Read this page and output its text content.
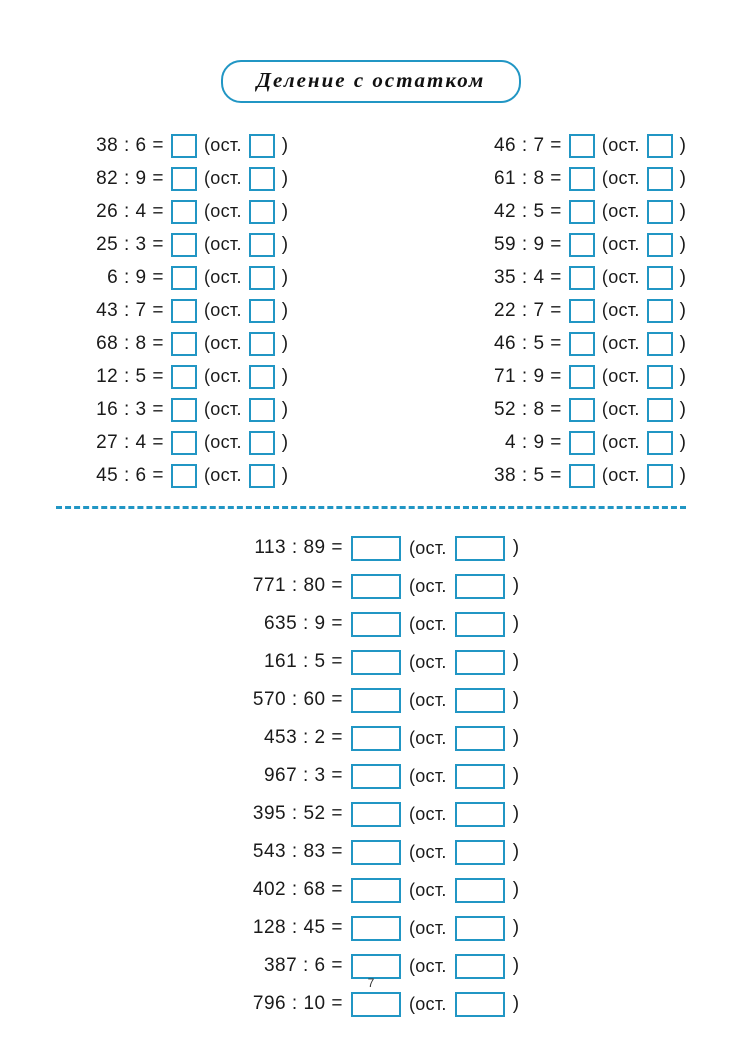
Деление с остатком
38 : 6 = (ост. )
82 : 9 = (ост. )
26 : 4 = (ост. )
25 : 3 = (ост. )
6 : 9 = (ост. )
43 : 7 = (ост. )
68 : 8 = (ост. )
12 : 5 = (ост. )
16 : 3 = (ост. )
27 : 4 = (ост. )
45 : 6 = (ост. )
46 : 7 = (ост. )
61 : 8 = (ост. )
42 : 5 = (ост. )
59 : 9 = (ост. )
35 : 4 = (ост. )
22 : 7 = (ост. )
46 : 5 = (ост. )
71 : 9 = (ост. )
52 : 8 = (ост. )
4 : 9 = (ост. )
38 : 5 = (ост. )
113 : 89 =	(ост.	)
771 : 80 =	(ост.	)
635 : 9 =	(ост.	)
161 : 5 =	(ост.	)
570 : 60 =	(ост.	)
453 : 2 =	(ост.	)
967 : 3 =	(ост.	)
395 : 52 =	(ост.	)
543 : 83 =	(ост.	)
402 : 68 =	(ост.	)
128 : 45 =	(ост.	)
387 : 6 =	(ост.	)
796 : 10 =	(ост.	)
7
